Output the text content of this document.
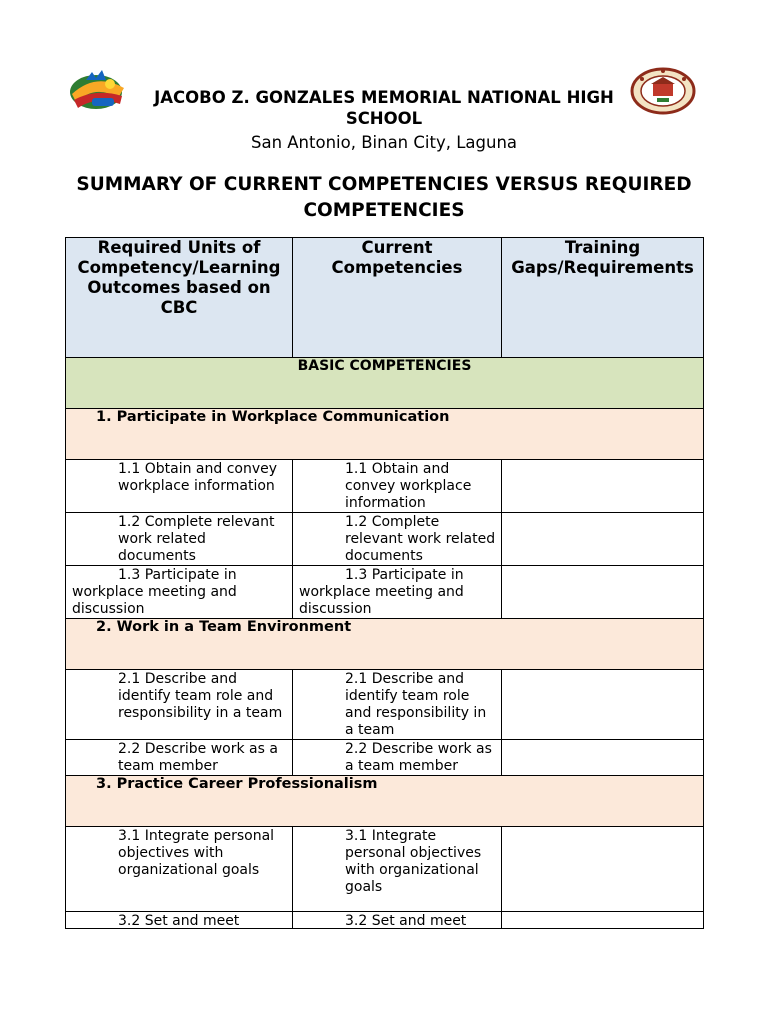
JACOBO Z. GONZALES MEMORIAL NATIONAL HIGH SCHOOL
San Antonio, Binan City, Laguna
SUMMARY OF CURRENT COMPETENCIES VERSUS REQUIRED COMPETENCIES
Required Units of Competency/Learning Outcomes based on CBC	Current Competencies	Training Gaps/Requirements

BASIC COMPETENCIES		

1. Participate in Workplace Communication		

1.1 Obtain and convey workplace information	1.1 Obtain and convey workplace information	

1.2 Complete relevant work related documents	1.2 Complete relevant work related documents	

1.3 Participate in workplace meeting and discussion	1.3 Participate in workplace meeting and discussion	

2. Work in a Team Environment		

2.1 Describe and identify team role and responsibility in a team	2.1 Describe and identify team role and responsibility in a team	

2.2 Describe work as a team member	2.2 Describe work as a team member	

3. Practice Career Professionalism		

3.1 Integrate personal objectives with organizational goals	3.1 Integrate personal objectives with organizational goals	

3.2 Set and meet	3.2 Set and meet	
